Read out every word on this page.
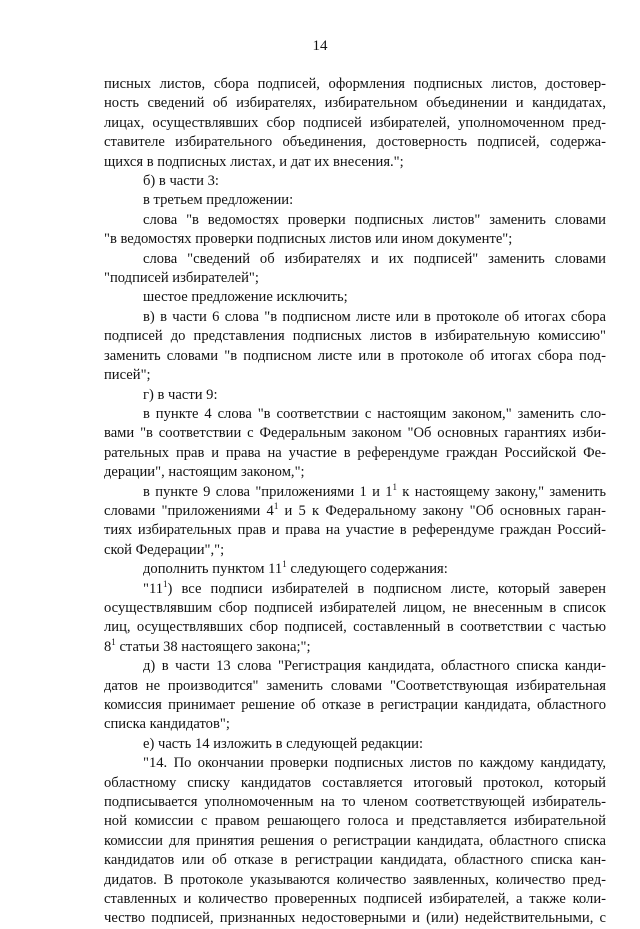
14

писных листов, сбора подписей, оформления подписных листов, достовер-

ность сведений об избирателях, избирательном объединении и кандидатах,

лицах, осуществлявших сбор подписей избирателей, уполномоченном пред-

ставителе избирательного объединения, достоверность подписей, содержа-

щихся в подписных листах, и дат их внесения.";

б) в части 3:

в третьем предложении:

слова "в ведомостях проверки подписных листов" заменить словами

"в ведомостях проверки подписных листов или ином документе";

слова "сведений об избирателях и их подписей" заменить словами

"подписей избирателей";

шестое предложение исключить;

в) в части 6 слова "в подписном листе или в протоколе об итогах сбора

подписей до представления подписных листов в избирательную комиссию"

заменить словами "в подписном листе или в протоколе об итогах сбора под-

писей";

г) в части 9:

в пункте 4 слова "в соответствии с настоящим законом," заменить сло-

вами "в соответствии с Федеральным законом "Об основных гарантиях изби-

рательных прав и права на участие в референдуме граждан Российской Фе-

дерации", настоящим законом,";

в пункте 9 слова "приложениями 1 и $1^1$ к настоящему закону," заменить

словами "приложениями $4^1$ и 5 к Федеральному закону "Об основных гаран-

тиях избирательных прав и права на участие в референдуме граждан Россий-

ской Федерации",";

дополнить пунктом $11^1$ следующего содержания:

"$11^1$) все подписи избирателей в подписном листе, который заверен

осуществлявшим сбор подписей избирателей лицом, не внесенным в список

лиц, осуществлявших сбор подписей, составленный в соответствии с частью

$8^1$ статьи 38 настоящего закона;";

д) в части 13 слова "Регистрация кандидата, областного списка канди-

датов не производится" заменить словами "Соответствующая избирательная

комиссия принимает решение об отказе в регистрации кандидата, областного

списка кандидатов";

е) часть 14 изложить в следующей редакции:

"14. По окончании проверки подписных листов по каждому кандидату,

областному списку кандидатов составляется итоговый протокол, который

подписывается уполномоченным на то членом соответствующей избиратель-

ной комиссии с правом решающего голоса и представляется избирательной

комиссии для принятия решения о регистрации кандидата, областного списка

кандидатов или об отказе в регистрации кандидата, областного списка кан-

дидатов. В протоколе указываются количество заявленных, количество пред-

ставленных и количество проверенных подписей избирателей, а также коли-

чество подписей, признанных недостоверными и (или) недействительными, с
